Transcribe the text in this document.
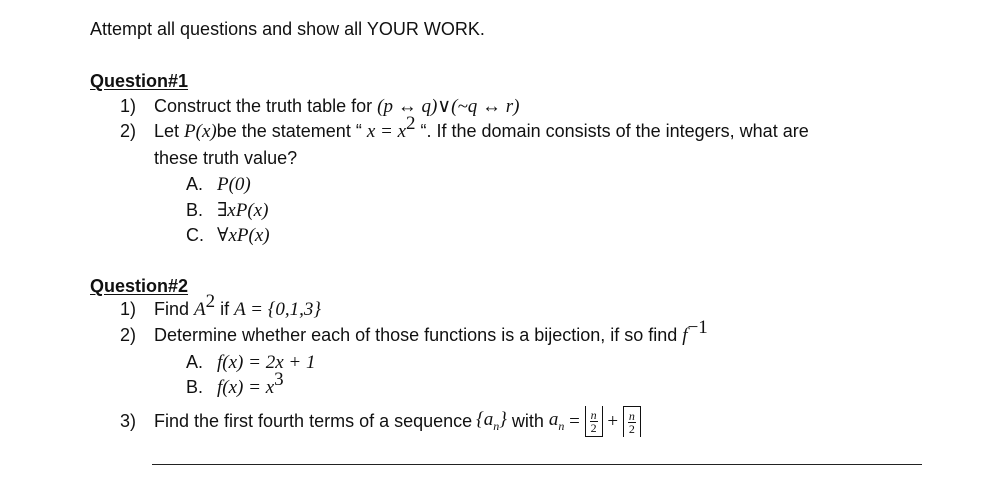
Attempt all questions and show all YOUR WORK.
Question#1
1) Construct the truth table for (p ↔ q)∨(~q ↔ r)
2) Let P(x)be the statement “ $x = x^2$ “. If the domain consists of the integers, what are
these truth value?
A. P(0)
B. ∃xP(x)
C. ∀xP(x)
Question#2
1) Find $A^2$ if A = {0,1,3}
2) Determine whether each of those functions is a bijection, if so find $f^{-1}$
A. f(x) = 2x + 1
B. $f(x) = x^3$
3) Find the first fourth terms of a sequence $\{a_n\}$ with $a_n = \frac{n}{2} + \frac{n}{2}$
